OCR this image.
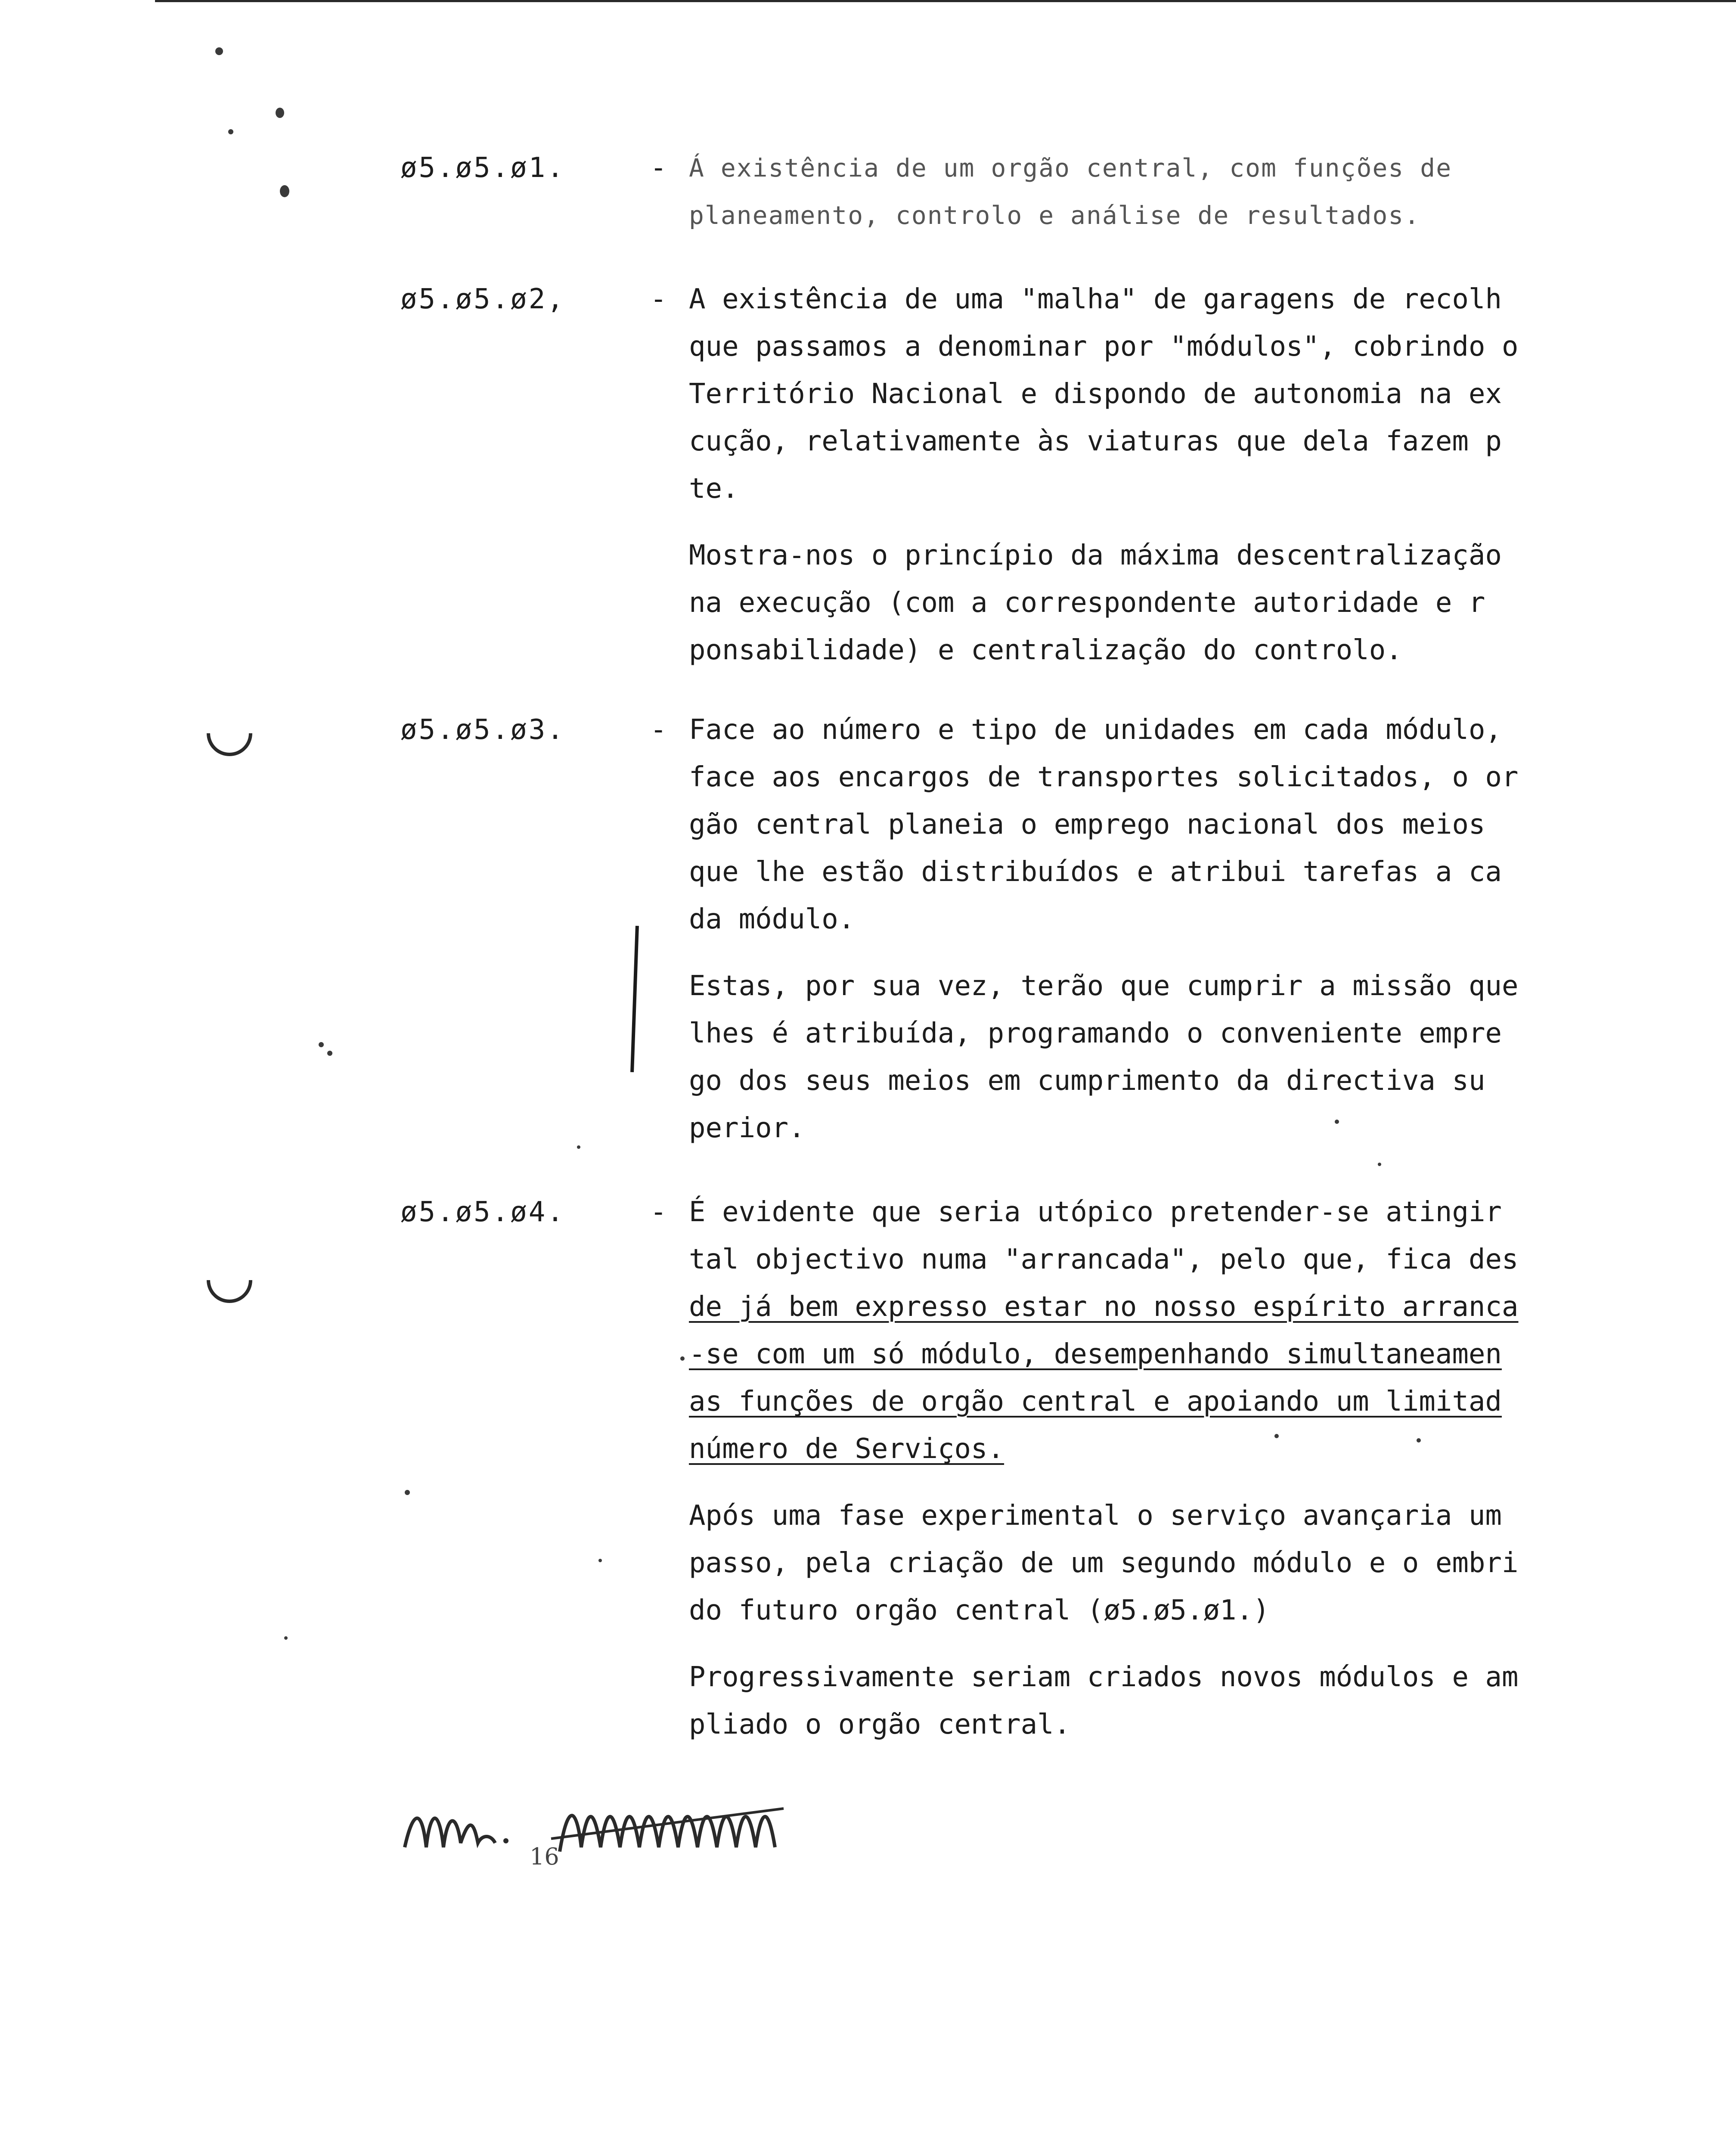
ø5.ø5.ø1.	- Á existência de um orgão central, com funções de
planeamento, controlo e análise de resultados.
ø5.ø5.ø2,	- A existência de uma "malha" de garagens de recolh
que passamos a denominar por "módulos", cobrindo o
Território Nacional e dispondo de autonomia na ex
cução, relativamente às viaturas que dela fazem p
te.
Mostra-nos o princípio da máxima descentralização
na execução (com a correspondente autoridade e r
ponsabilidade) e centralização do controlo.
ø5.ø5.ø3.	- Face ao número e tipo de unidades em cada módulo,
face aos encargos de transportes solicitados, o or
gão central planeia o emprego nacional dos meios
que lhe estão distribuídos e atribui tarefas a ca
da módulo.
Estas, por sua vez, terão que cumprir a missão que
lhes é atribuída, programando o conveniente empre
go dos seus meios em cumprimento da directiva su
perior.
ø5.ø5.ø4.	- É evidente que seria utópico pretender-se atingir
tal objectivo numa "arrancada", pelo que, fica des
de já bem expresso estar no nosso espírito arranca
-se com um só módulo, desempenhando simultaneamen
as funções de orgão central e apoiando um limitad
número de Serviços.
Após uma fase experimental o serviço avançaria um
passo, pela criação de um segundo módulo e o embri
do futuro orgão central (ø5.ø5.ø1.)
Progressivamente seriam criados novos módulos e am
pliado o orgão central.
16
